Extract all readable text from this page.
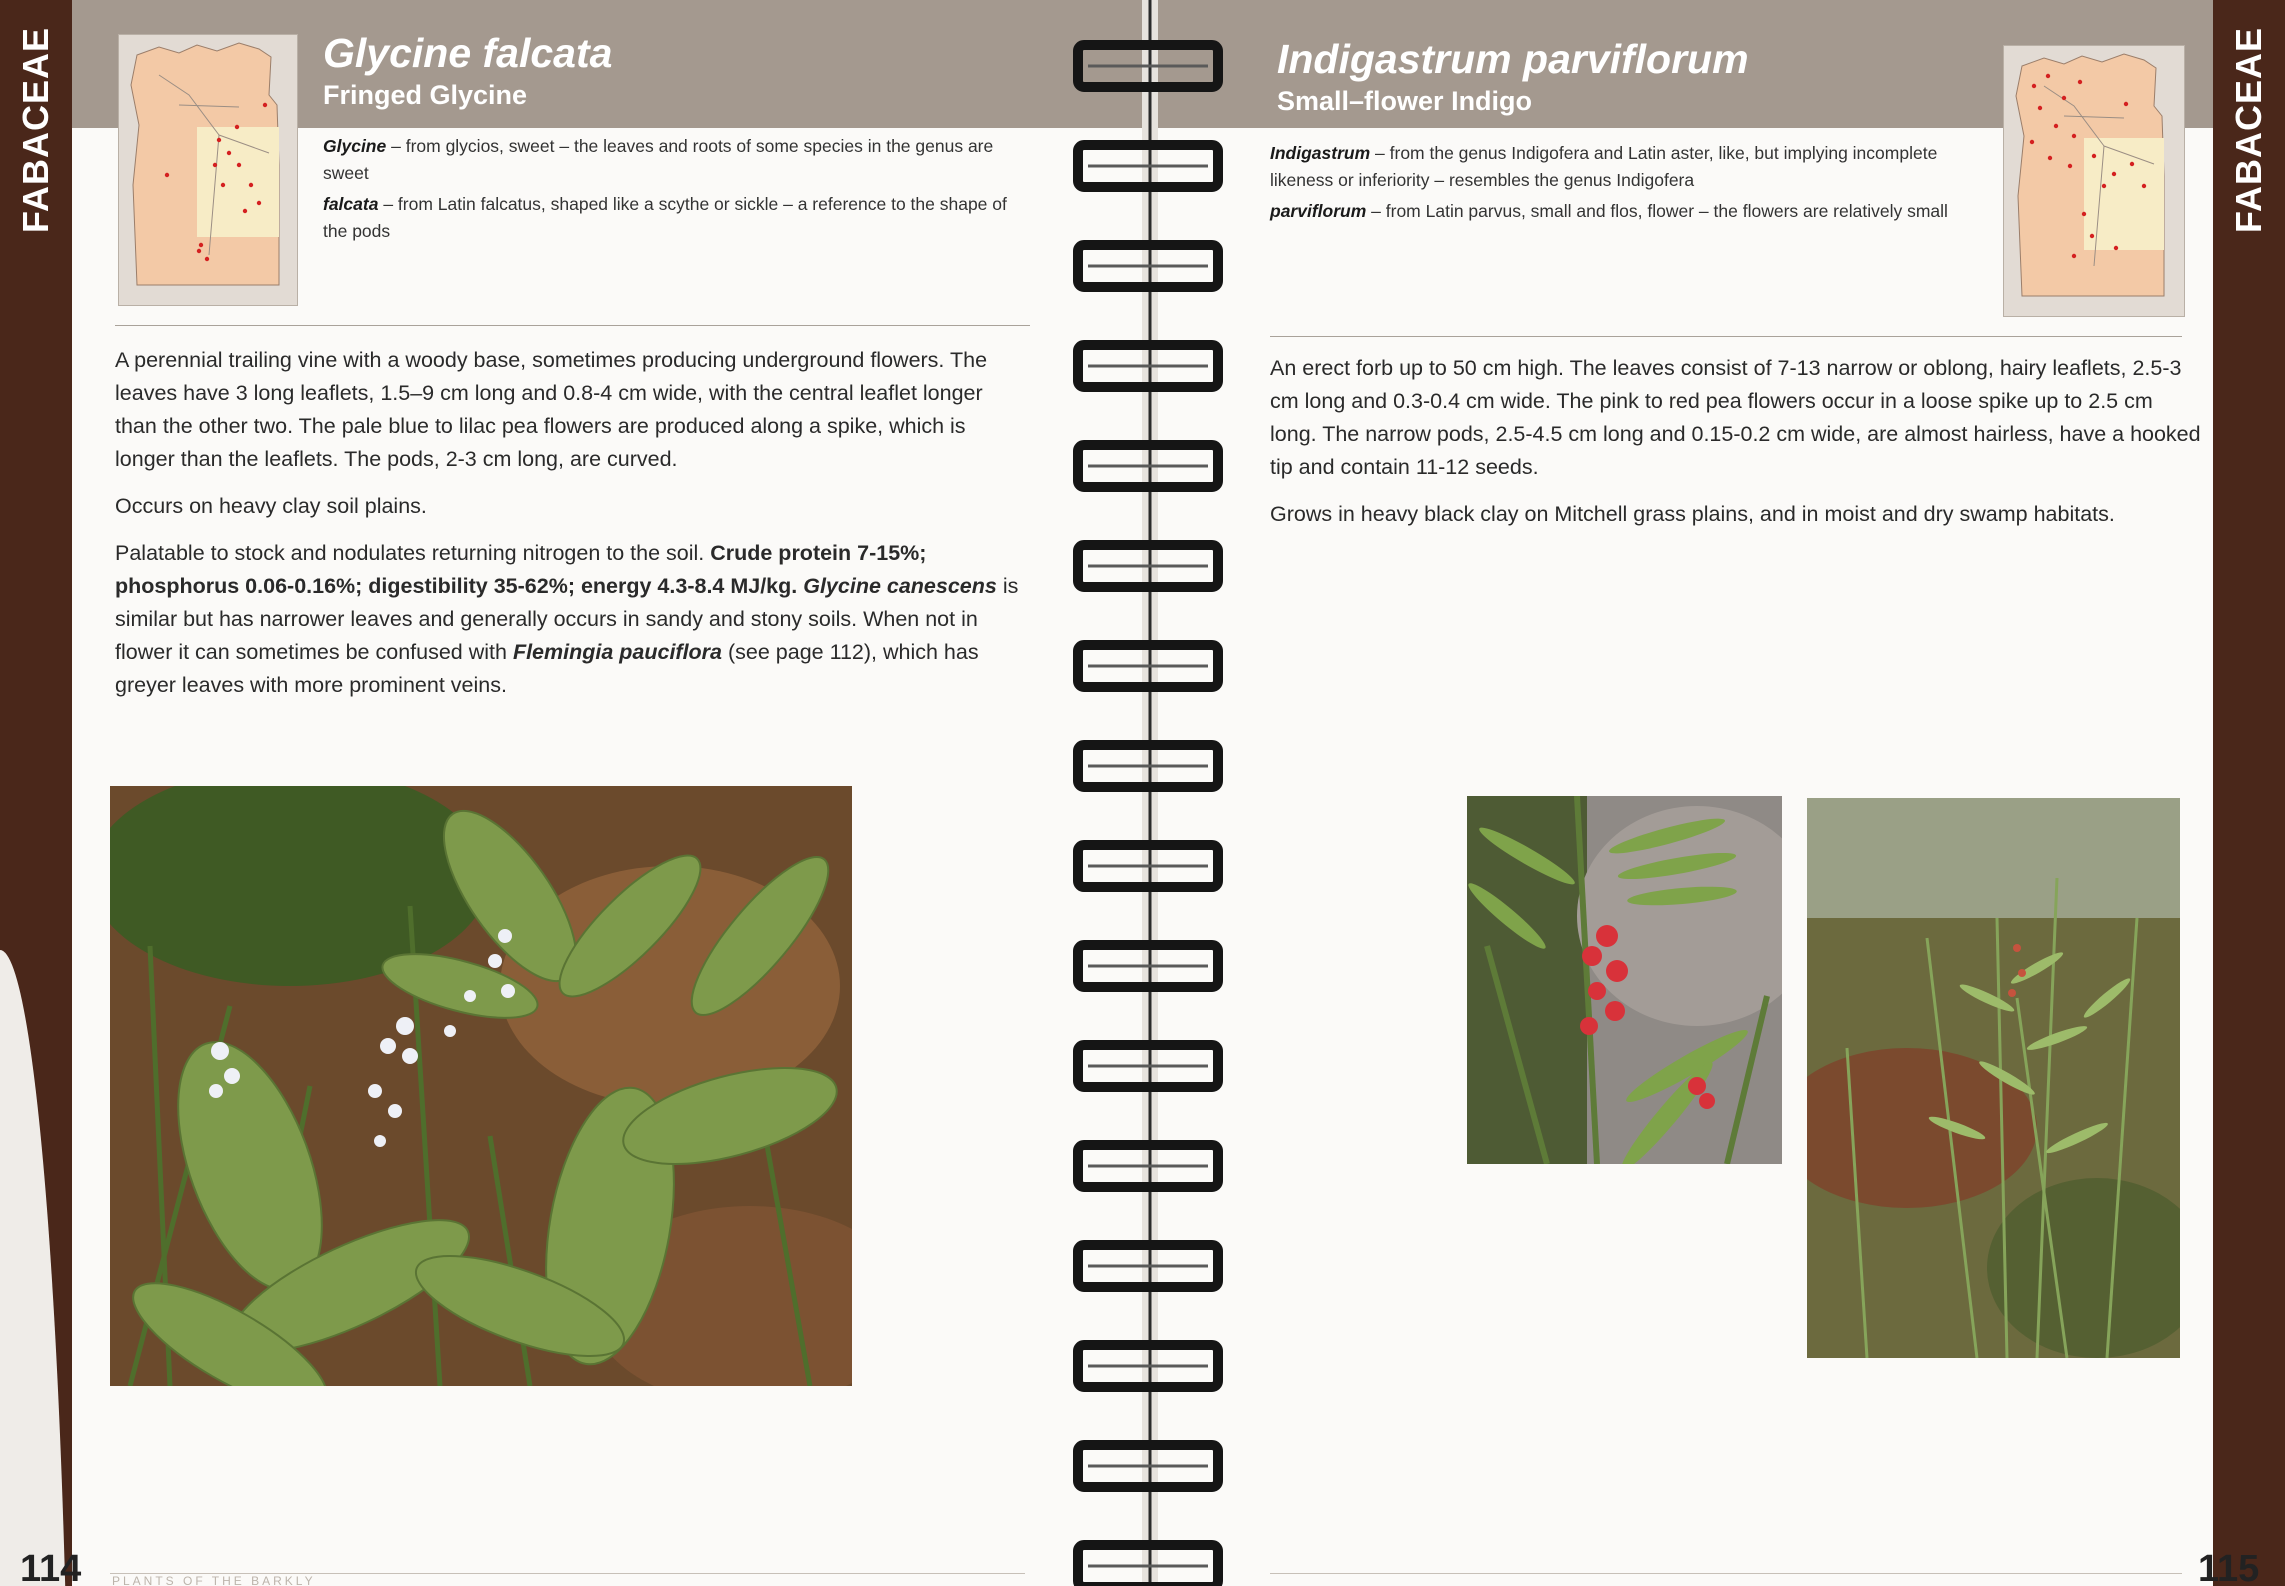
FABACEAE	Glycine falcata
Fringed Glycine

Glycine – from glycios, sweet – the leaves and roots of some species in the genus are sweet

falcata – from Latin falcatus, shaped like a scythe or sickle – a reference to the shape of the pods

A perennial trailing vine with a woody base, sometimes producing underground flowers. The leaves have 3 long leaflets, 1.5–9 cm long and 0.8-4 cm wide, with the central leaflet longer than the other two. The pale blue to lilac pea flowers are produced along a spike, which is longer than the leaflets. The pods, 2-3 cm long, are curved.

Occurs on heavy clay soil plains.

Palatable to stock and nodulates returning nitrogen to the soil. Crude protein 7-15%; phosphorus 0.06-0.16%; digestibility 35-62%; energy 4.3-8.4 MJ/kg. Glycine canescens is similar but has narrower leaves and generally occurs in sandy and stony soils. When not in flower it can sometimes be confused with Flemingia pauciflora (see page 112), which has greyer leaves with more prominent veins.

114	PLANTS OF THE BARKLY
FABACEAE
Indigastrum parviflorum
Small–flower Indigo

Indigastrum – from the genus Indigofera and Latin aster, like, but implying incomplete likeness or inferiority – resembles the genus Indigofera

parviflorum – from Latin parvus, small and flos, flower – the flowers are relatively small

An erect forb up to 50 cm high. The leaves consist of 7-13 narrow or oblong, hairy leaflets, 2.5-3 cm long and 0.3-0.4 cm wide. The pink to red pea flowers occur in a loose spike up to 2.5 cm long. The narrow pods, 2.5-4.5 cm long and 0.15-0.2 cm wide, are almost hairless, have a hooked tip and contain 11-12 seeds.

Grows in heavy black clay on Mitchell grass plains, and in moist and dry swamp habitats.

115
